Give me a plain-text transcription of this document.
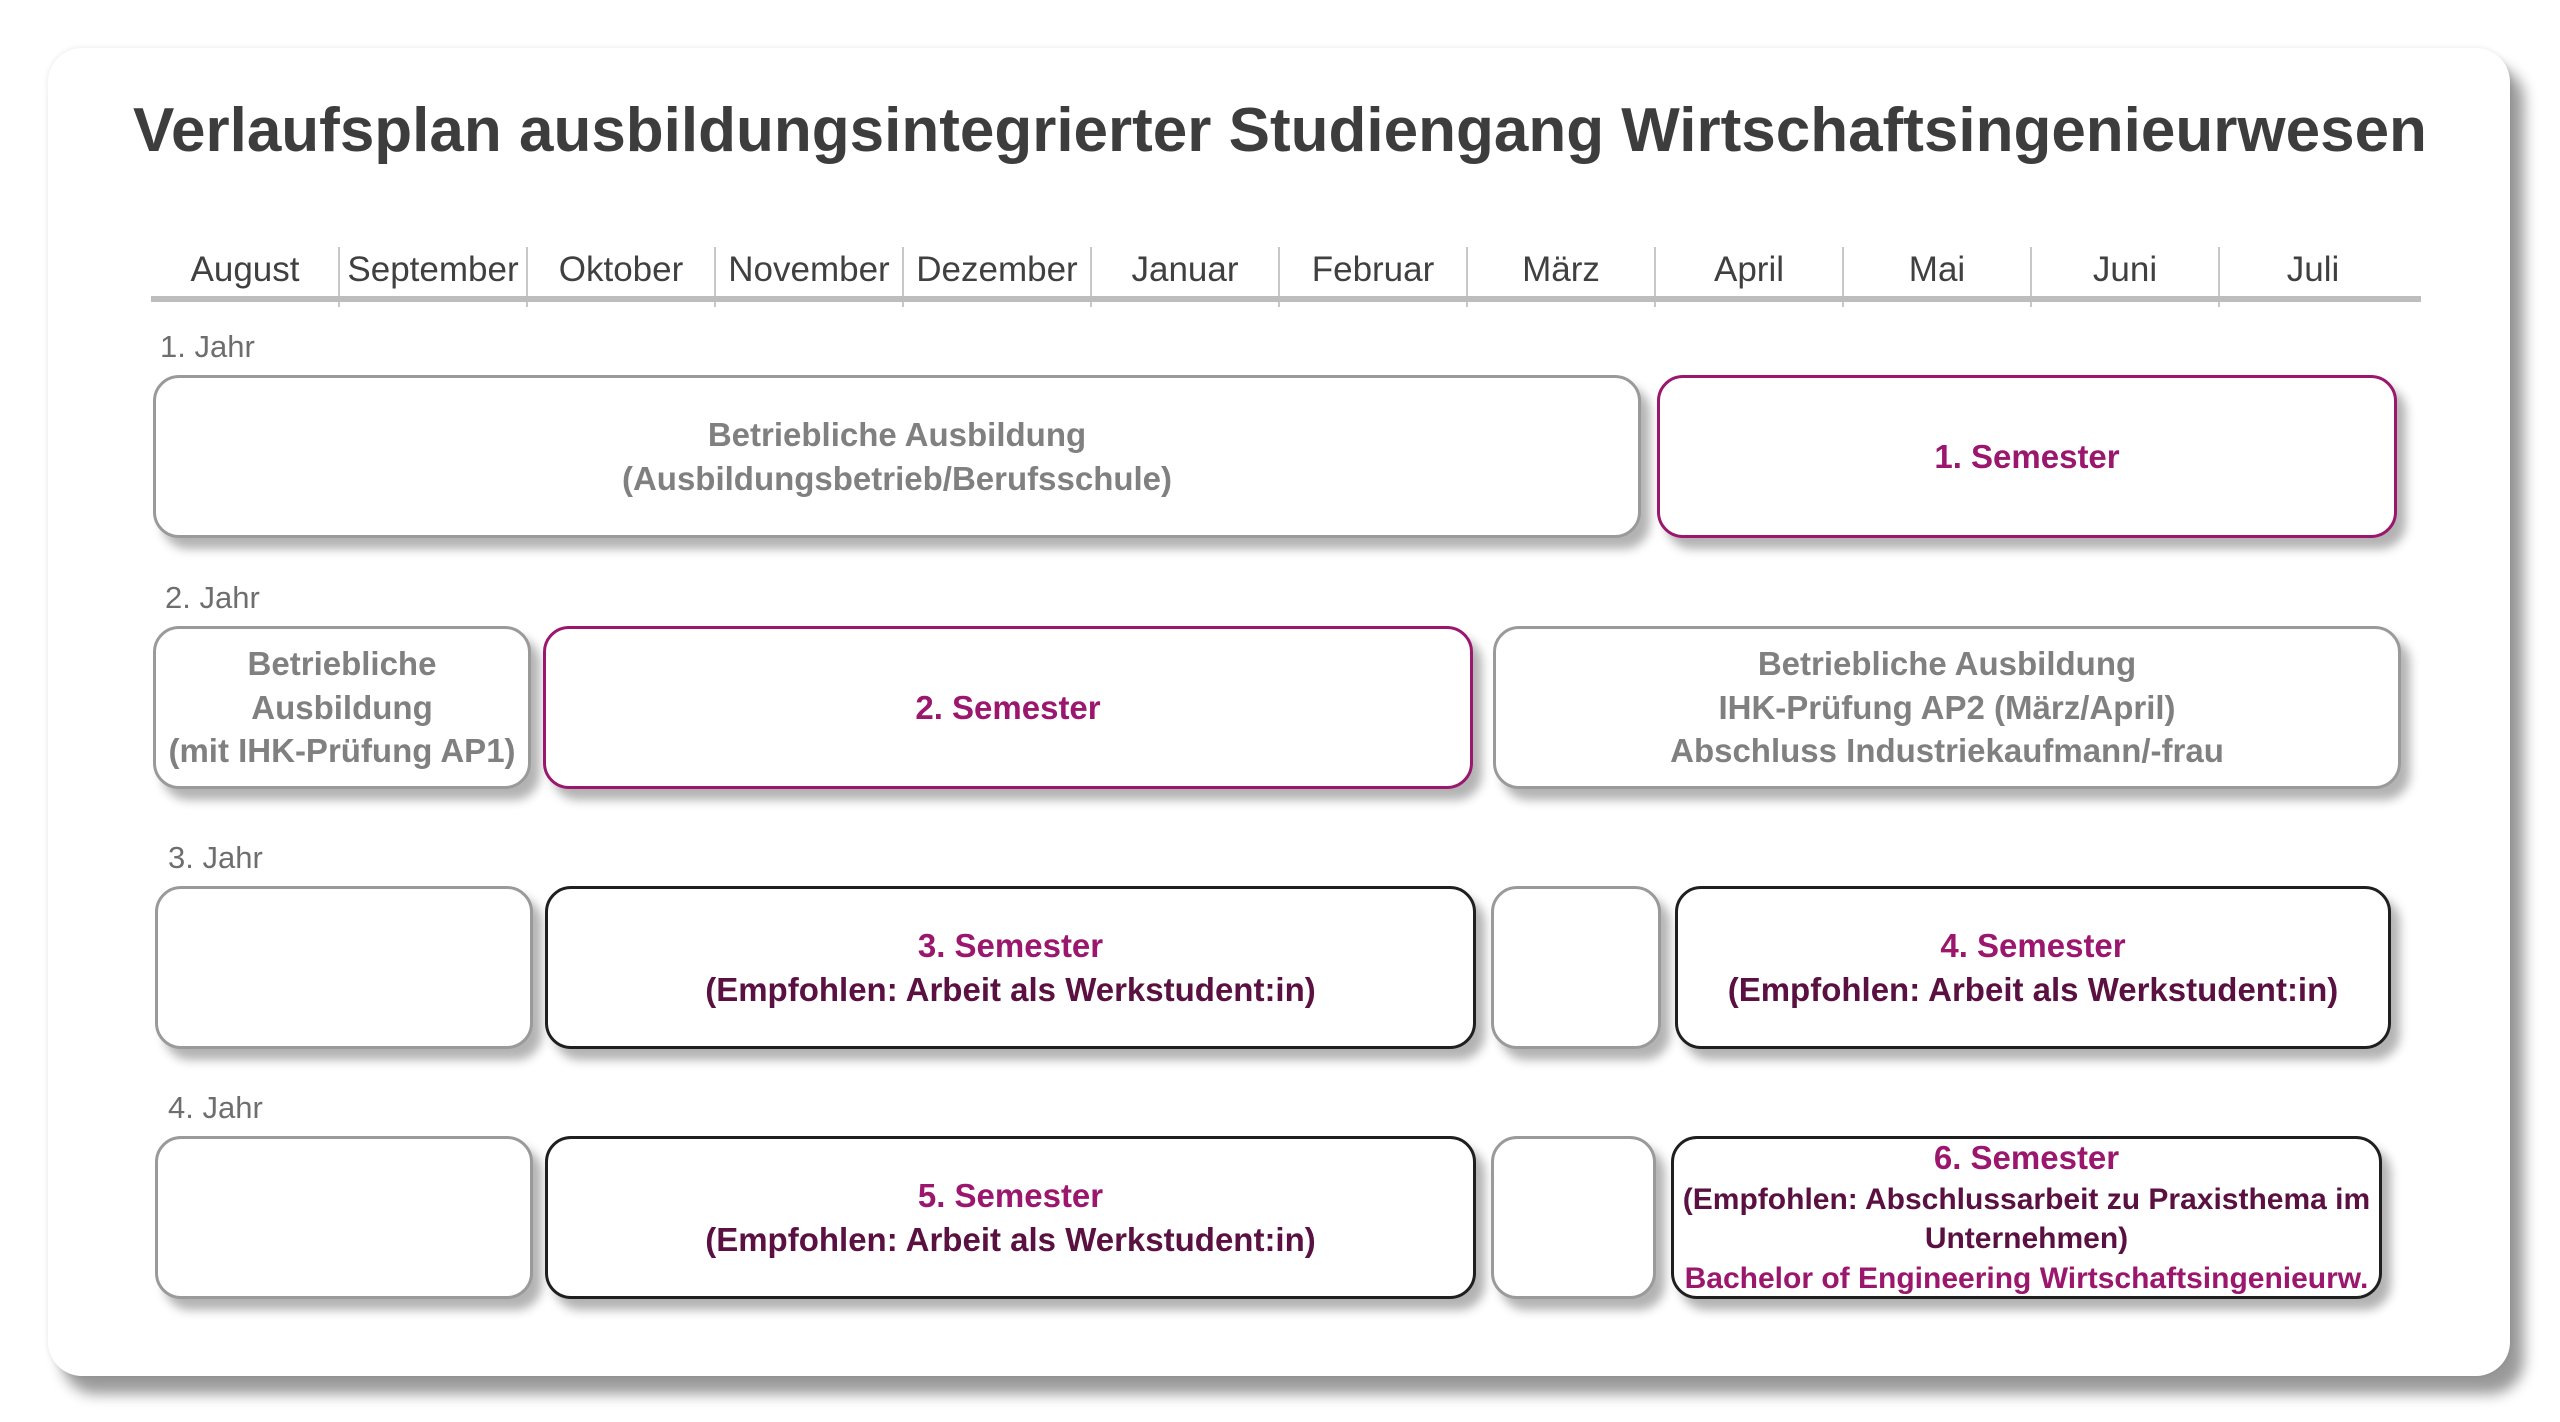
Verlaufsplan ausbildungsintegrierter Studiengang Wirtschaftsingenieurwesen
August	September	Oktober	November Dezember	Januar	Februar	März	April	Mai	Juni	Juli
1. Jahr
Betriebliche Ausbildung
(Ausbildungsbetrieb/Berufsschule)
1. Semester
2. Jahr
Betriebliche Ausbildung
(mit IHK-Prüfung AP1)
2. Semester
Betriebliche Ausbildung
IHK-Prüfung AP2 (März/April)
Abschluss Industriekaufmann/-frau
3. Jahr
3. Semester
(Empfohlen: Arbeit als Werkstudent:in)
4. Semester
(Empfohlen: Arbeit als Werkstudent:in)
4. Jahr
5. Semester
(Empfohlen: Arbeit als Werkstudent:in)
6. Semester
(Empfohlen: Abschlussarbeit zu Praxisthema im
Unternehmen)
Bachelor of Engineering Wirtschaftsingenieurw.
